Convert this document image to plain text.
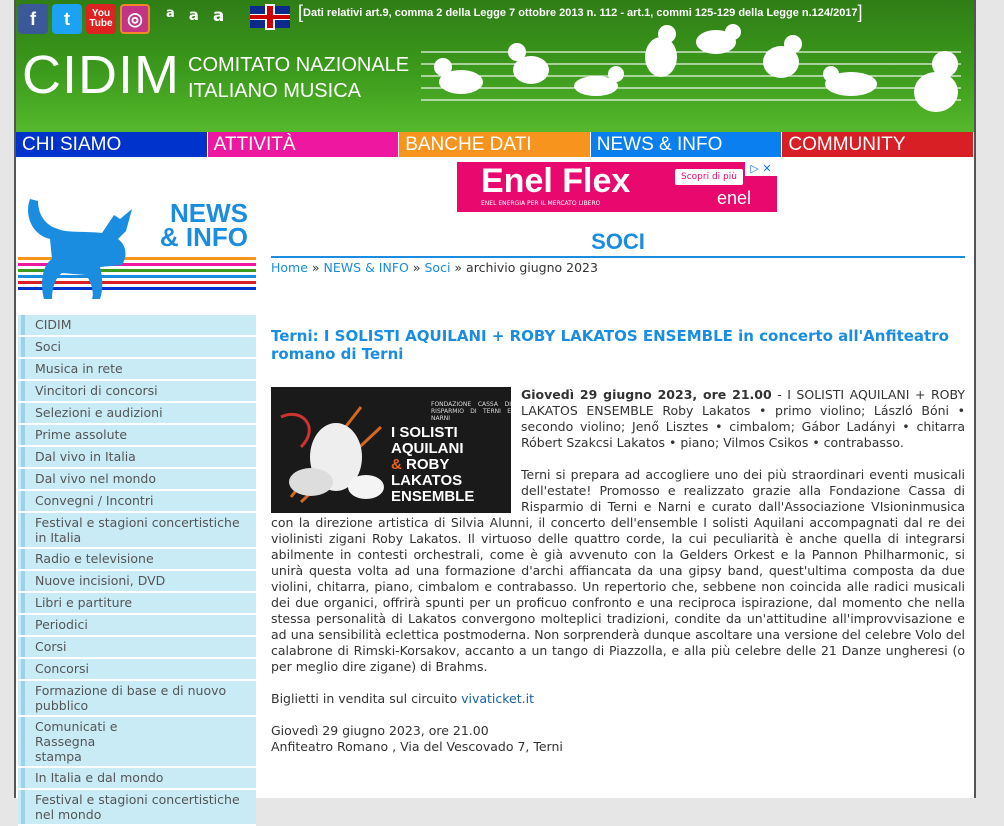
f	t	You Tube ◎	a a a	[Dati relativi art.9, comma 2 della Legge 7 ottobre 2013 n. 112 - art.1, commi 125-129 della Legge n.124/2017]
CIDIM COMITATO NAZIONALE
ITALIANO MUSICA
CHI SIAMO	ATTIVITÀ	BANCHE DATI	NEWS & INFO	COMMUNITY
Enel Flex
ENEL ENERGIA PER IL MERCATO LIBERO
Scopri di più
enel
▷ ✕
NEWS
& INFO
CIDIM
Soci
Musica in rete
Vincitori di concorsi
Selezioni e audizioni
Prime assolute
Dal vivo in Italia
Dal vivo nel mondo
Convegni / Incontri
Festival e stagioni concertistiche in Italia
Radio e televisione
Nuove incisioni, DVD
Libri e partiture
Periodici
Corsi
Concorsi
Formazione di base e di nuovo pubblico
Comunicati e Rassegna stampa
In Italia e dal mondo
Festival e stagioni concertistiche nel mondo
SOCI
Home » NEWS & INFO » Soci » archivio giugno 2023
Terni: I SOLISTI AQUILANI + ROBY LAKATOS ENSEMBLE in concerto all'Anfiteatro romano di Terni
FONDAZIONE CASSA DI RISPARMIO DI TERNI E NARNI
I SOLISTI
AQUILANI
& ROBY
LAKATOS
ENSEMBLE

Giovedì 29 giugno 2023, ore 21.00 - I SOLISTI AQUILANI + ROBY LAKATOS ENSEMBLE Roby Lakatos • primo violino; László Bóni • secondo violino; Jenő Lisztes • cimbalom; Gábor Ladányi • chitarra Róbert Szakcsi Lakatos • piano; Vilmos Csikos • contrabasso.

Terni si prepara ad accogliere uno dei più straordinari eventi musicali dell'estate! Promosso e realizzato grazie alla Fondazione Cassa di Risparmio di Terni e Narni e curato dall'Associazione VIsioninmusica con la direzione artistica di Silvia Alunni, il concerto dell'ensemble I solisti Aquilani accompagnati dal re dei violinisti zigani Roby Lakatos. Il virtuoso delle quattro corde, la cui peculiarità è anche quella di integrarsi abilmente in contesti orchestrali, come è già avvenuto con la Gelders Orkest e la Pannon Philharmonic, si unirà questa volta ad una formazione d'archi affiancata da una gipsy band, quest'ultima composta da due violini, chitarra, piano, cimbalom e contrabasso. Un repertorio che, sebbene non coincida alle radici musicali dei due organici, offrirà spunti per un proficuo confronto e una reciproca ispirazione, dal momento che nella stessa personalità di Lakatos convergono molteplici tradizioni, condite da un'attitudine all'improvvisazione e ad una sensibilità eclettica postmoderna. Non sorprenderà dunque ascoltare una versione del celebre Volo del calabrone di Rimski-Korsakov, accanto a un tango di Piazzolla, e alla più celebre delle 21 Danze ungheresi (o per meglio dire zigane) di Brahms.

Biglietti in vendita sul circuito vivaticket.it

Giovedì 29 giugno 2023, ore 21.00
Anfiteatro Romano , Via del Vescovado 7, Terni
